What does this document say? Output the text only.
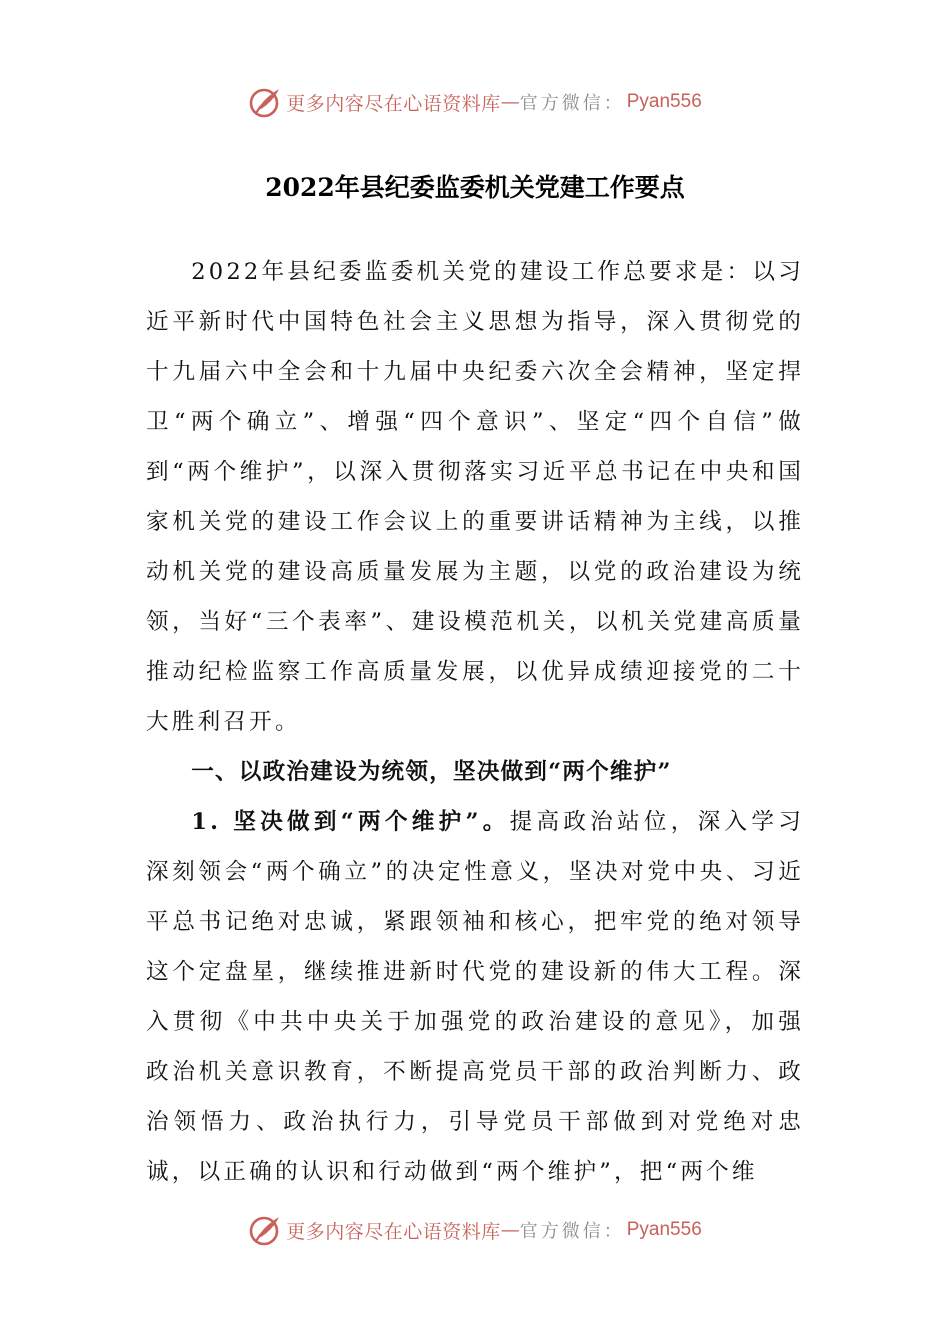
更多内容尽在心语资料库 — 官方微信： Pyan556
2022年县纪委监委机关党建工作要点

2022年县纪委监委机关党的建设工作总要求是：以习近平新时代中国特色社会主义思想为指导，深入贯彻党的十九届六中全会和十九届中央纪委六次全会精神，坚定捍卫“两个确立”、增强“四个意识”、坚定“四个自信”做到“两个维护”，以深入贯彻落实习近平总书记在中央和国家机关党的建设工作会议上的重要讲话精神为主线，以推动机关党的建设高质量发展为主题，以党的政治建设为统领，当好“三个表率”、建设模范机关，以机关党建高质量推动纪检监察工作高质量发展，以优异成绩迎接党的二十大胜利召开。

一、以政治建设为统领，坚决做到“两个维护”

1. 坚决做到“两个维护”。提高政治站位，深入学习深刻领会“两个确立”的决定性意义，坚决对党中央、习近平总书记绝对忠诚，紧跟领袖和核心，把牢党的绝对领导这个定盘星，继续推进新时代党的建设新的伟大工程。深入贯彻《中共中央关于加强党的政治建设的意见》，加强政治机关意识教育，不断提高党员干部的政治判断力、政治领悟力、政治执行力，引导党员干部做到对党绝对忠诚，以正确的认识和行动做到“两个维护”，把“两个维

更多内容尽在心语资料库 — 官方微信： Pyan556
